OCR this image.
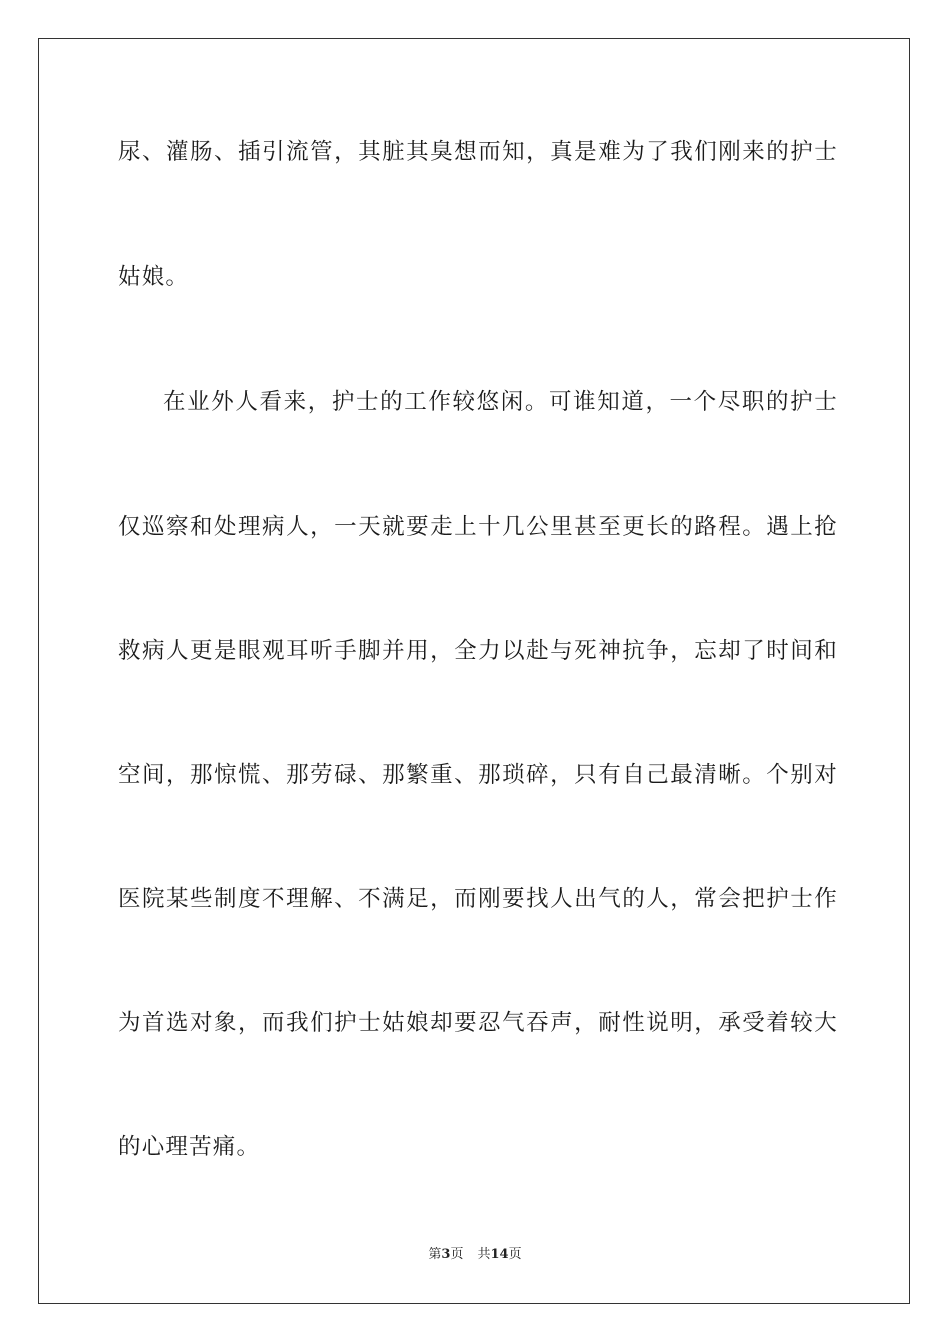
尿、灌肠、插引流管，其脏其臭想而知，真是难为了我们刚来的护士
姑娘。
在业外人看来，护士的工作较悠闲。可谁知道，一个尽职的护士
仅巡察和处理病人，一天就要走上十几公里甚至更长的路程。遇上抢
救病人更是眼观耳听手脚并用，全力以赴与死神抗争，忘却了时间和
空间，那惊慌、那劳碌、那繁重、那琐碎，只有自己最清晰。个别对
医院某些制度不理解、不满足，而刚要找人出气的人，常会把护士作
为首选对象，而我们护士姑娘却要忍气吞声，耐性说明，承受着较大
的心理苦痛。
第3页 共14页
